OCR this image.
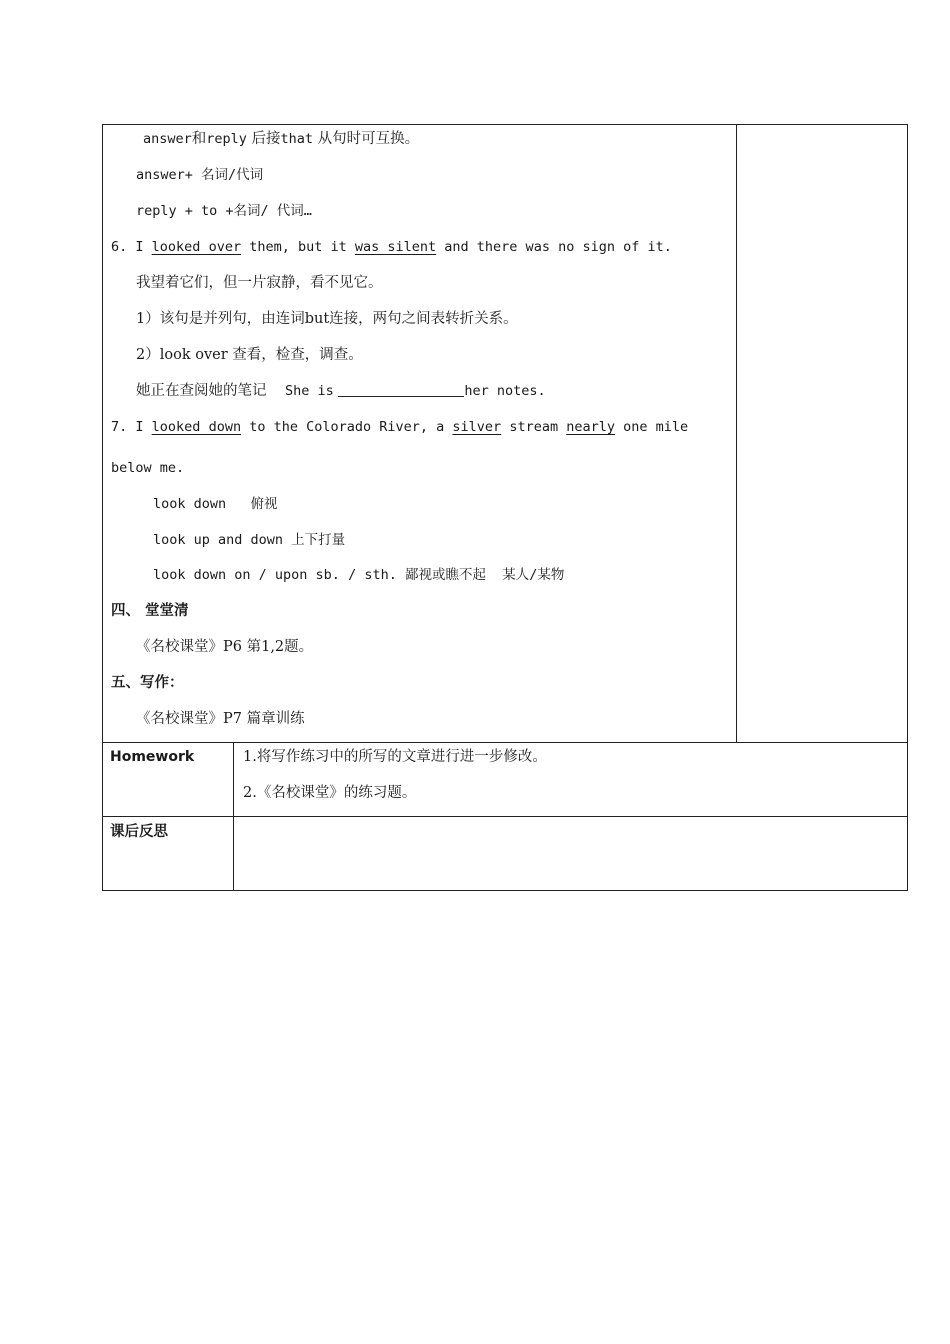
answer和reply 后接that 从句时可互换。
answer+ 名词/代词
reply + to +名词/ 代词…
6. I looked over them, but it was silent and there was no sign of it.
我望着它们，但一片寂静，看不见它。
1）该句是并列句，由连词but连接，两句之间表转折关系。
2）look over 查看，检查，调查。
她正在查阅她的笔记 She is	her notes.
7. I looked down to the Colorado River, a silver stream nearly one mile
below me.
look down   俯视
look up and down 上下打量
look down on / upon sb. / sth. 鄙视或瞧不起  某人/某物
四、 堂堂清
《名校课堂》P6 第1,2题。
五、写作：
《名校课堂》P7 篇章训练
Homework	1.将写作练习中的所写的文章进行进一步修改。
2.《名校课堂》的练习题。
课后反思
